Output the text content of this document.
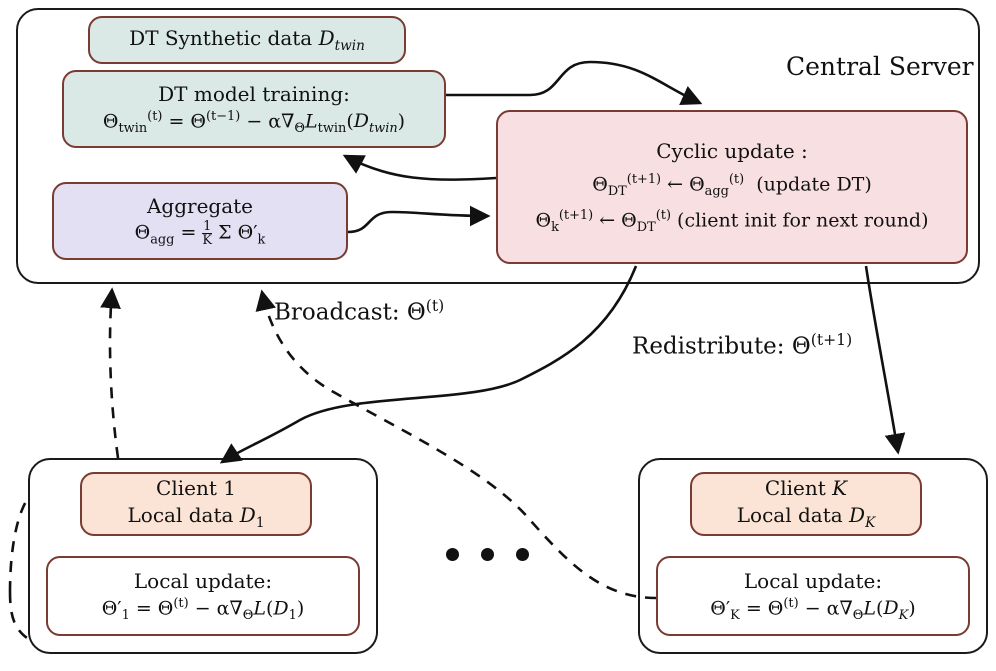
Central Server
DT Synthetic data $D_{twin}$
DT model training:
$\Theta_{twin}^{(t)} = \Theta^{(t-1)} - \alpha\nabla_\Theta L_{twin}(D_{twin})$
Aggregate
$\Theta_{agg} = \frac{1}{K}$ Σ $\Theta'_k$
Cyclic update :
$\Theta_{DT}^{(t+1)}$ ← $\Theta_{agg}^{(t)}$  (update DT)
$\Theta_k^{(t+1)}$ ← $\Theta_{DT}^{(t)}$ (client init for next round)
Broadcast: $\Theta^{(t)}$
Redistribute: $\Theta^{(t+1)}$
Client 1
Local data $D_1$
Local update:
$\Theta'_1 = \Theta^{(t)} - \alpha\nabla_\Theta L(D_1)$
Client K
Local data $D_K$
Local update:
$\Theta'_K = \Theta^{(t)} - \alpha\nabla_\Theta L(D_K)$
